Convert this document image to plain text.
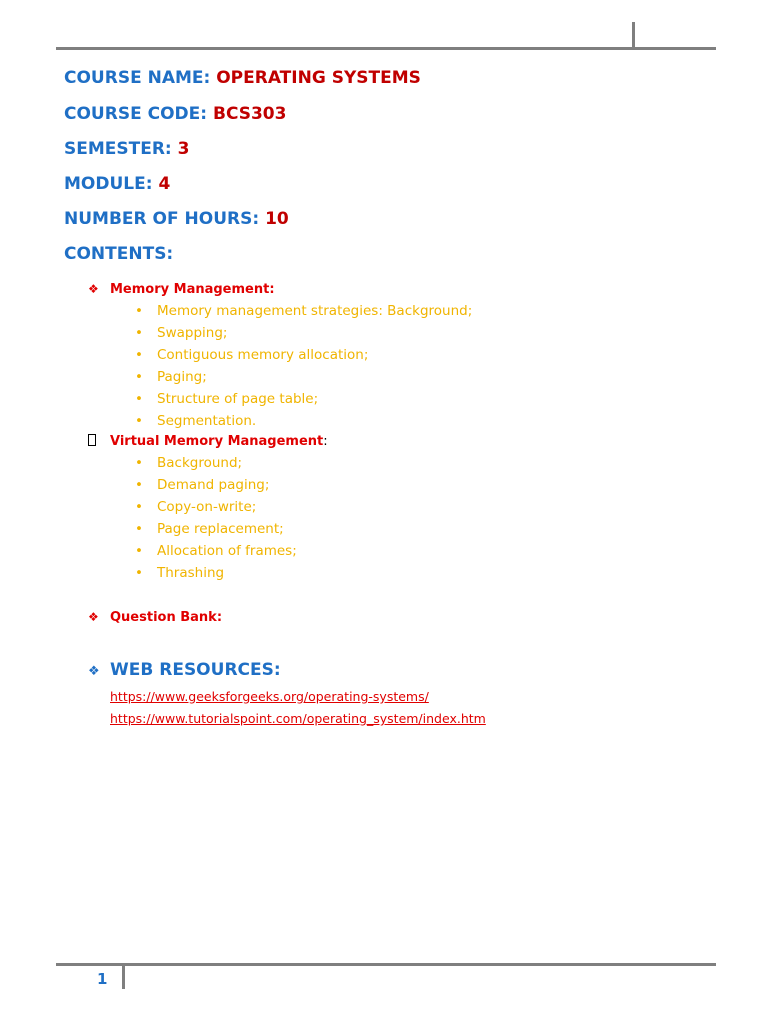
COURSE NAME: OPERATING SYSTEMS
COURSE CODE: BCS303
SEMESTER: 3
MODULE: 4
NUMBER OF HOURS: 10
CONTENTS:
❖ Memory Management:
• Memory management strategies: Background;
• Swapping;
• Contiguous memory allocation;
• Paging;
• Structure of page table;
• Segmentation.
Virtual Memory Management:
• Background;
• Demand paging;
• Copy-on-write;
• Page replacement;
• Allocation of frames;
• Thrashing
❖ Question Bank:
❖ WEB RESOURCES:
https://www.geeksforgeeks.org/operating-systems/
https://www.tutorialspoint.com/operating_system/index.htm
1
